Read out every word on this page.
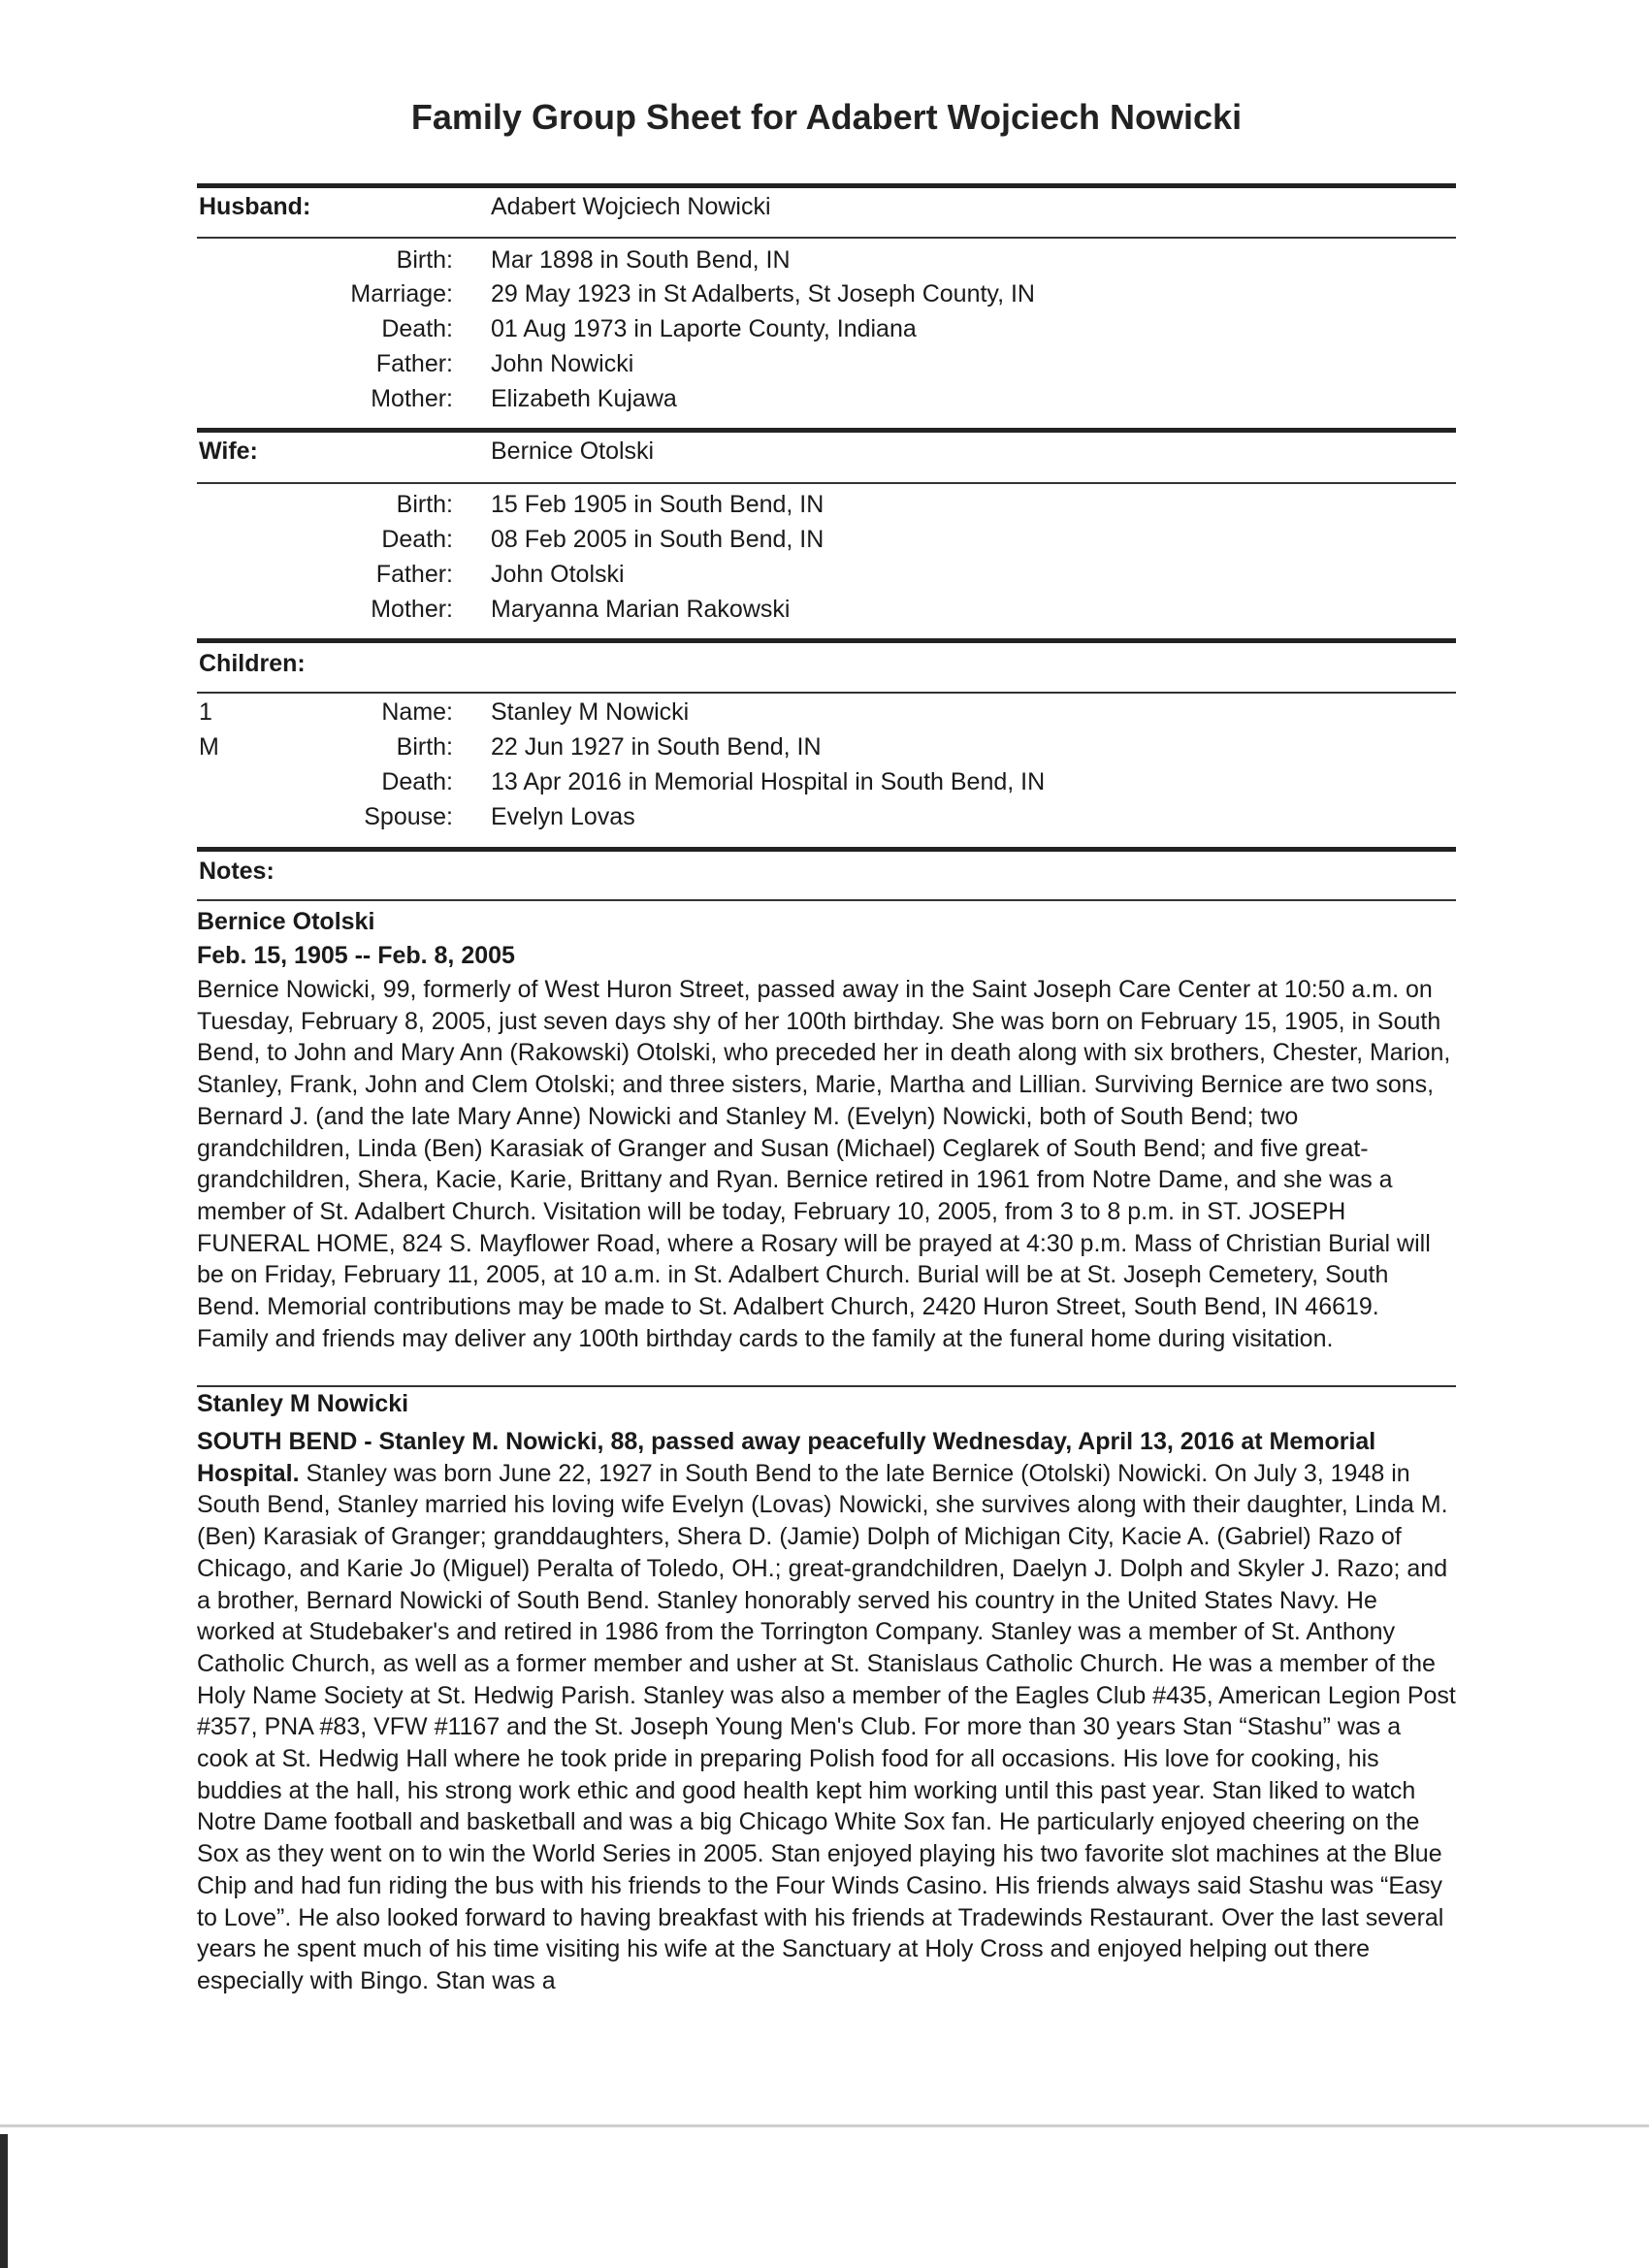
Family Group Sheet for Adabert Wojciech Nowicki
Husband:	Adabert Wojciech Nowicki
Birth: Mar 1898 in South Bend, IN
Marriage: 29 May 1923 in St Adalberts, St Joseph County, IN
Death: 01 Aug 1973 in Laporte County, Indiana
Father: John Nowicki
Mother: Elizabeth Kujawa
Wife:	Bernice Otolski
Birth: 15 Feb 1905 in South Bend, IN
Death: 08 Feb 2005 in South Bend, IN
Father: John Otolski
Mother: Maryanna Marian Rakowski
Children:
1	Name: Stanley M Nowicki
M	Birth: 22 Jun 1927 in South Bend, IN
Death: 13 Apr 2016 in Memorial Hospital in South Bend, IN
Spouse: Evelyn Lovas
Notes:
Bernice Otolski
Feb. 15, 1905 -- Feb. 8, 2005

Bernice Nowicki, 99, formerly of West Huron Street, passed away in the Saint Joseph Care Center at 10:50 a.m. on Tuesday, February 8, 2005, just seven days shy of her 100th birthday. She was born on February 15, 1905, in South Bend, to John and Mary Ann (Rakowski) Otolski, who preceded her in death along with six brothers, Chester, Marion, Stanley, Frank, John and Clem Otolski; and three sisters, Marie, Martha and Lillian. Surviving Bernice are two sons, Bernard J. (and the late Mary Anne) Nowicki and Stanley M. (Evelyn) Nowicki, both of South Bend; two grandchildren, Linda (Ben) Karasiak of Granger and Susan (Michael) Ceglarek of South Bend; and five great-grandchildren, Shera, Kacie, Karie, Brittany and Ryan. Bernice retired in 1961 from Notre Dame, and she was a member of St. Adalbert Church. Visitation will be today, February 10, 2005, from 3 to 8 p.m. in ST. JOSEPH FUNERAL HOME, 824 S. Mayflower Road, where a Rosary will be prayed at 4:30 p.m. Mass of Christian Burial will be on Friday, February 11, 2005, at 10 a.m. in St. Adalbert Church. Burial will be at St. Joseph Cemetery, South Bend. Memorial contributions may be made to St. Adalbert Church, 2420 Huron Street, South Bend, IN 46619. Family and friends may deliver any 100th birthday cards to the family at the funeral home during visitation.

Stanley M Nowicki

SOUTH BEND - Stanley M. Nowicki, 88, passed away peacefully Wednesday, April 13, 2016 at Memorial Hospital. Stanley was born June 22, 1927 in South Bend to the late Bernice (Otolski) Nowicki. On July 3, 1948 in South Bend, Stanley married his loving wife Evelyn (Lovas) Nowicki, she survives along with their daughter, Linda M. (Ben) Karasiak of Granger; granddaughters, Shera D. (Jamie) Dolph of Michigan City, Kacie A. (Gabriel) Razo of Chicago, and Karie Jo (Miguel) Peralta of Toledo, OH.; great-grandchildren, Daelyn J. Dolph and Skyler J. Razo; and a brother, Bernard Nowicki of South Bend. Stanley honorably served his country in the United States Navy. He worked at Studebaker's and retired in 1986 from the Torrington Company. Stanley was a member of St. Anthony Catholic Church, as well as a former member and usher at St. Stanislaus Catholic Church. He was a member of the Holy Name Society at St. Hedwig Parish. Stanley was also a member of the Eagles Club #435, American Legion Post #357, PNA #83, VFW #1167 and the St. Joseph Young Men's Club. For more than 30 years Stan “Stashu” was a cook at St. Hedwig Hall where he took pride in preparing Polish food for all occasions. His love for cooking, his buddies at the hall, his strong work ethic and good health kept him working until this past year. Stan liked to watch Notre Dame football and basketball and was a big Chicago White Sox fan. He particularly enjoyed cheering on the Sox as they went on to win the World Series in 2005. Stan enjoyed playing his two favorite slot machines at the Blue Chip and had fun riding the bus with his friends to the Four Winds Casino. His friends always said Stashu was “Easy to Love”. He also looked forward to having breakfast with his friends at Tradewinds Restaurant. Over the last several years he spent much of his time visiting his wife at the Sanctuary at Holy Cross and enjoyed helping out there especially with Bingo. Stan was a
